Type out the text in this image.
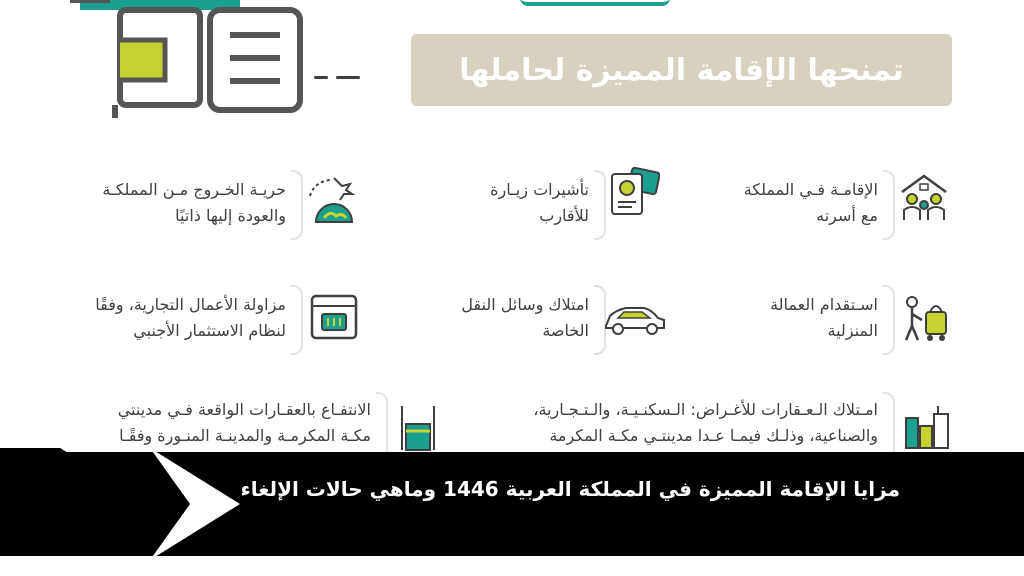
تمنحها الإقامة المميزة لحاملها
الإقامـة فـي المملكة
مع أسرته
تأشيرات زيـارة
للأقارب
حريـة الخـروج مـن المملكـة
والعودة إليها ذاتيًا
اسـتقدام العمالة
المنزلية
امتلاك وسائل النقل
الخاصة
مزاولة الأعمال التجارية، وفقًا
لنظام الاستثمار الأجنبي
امـتلاك الـعـقارات للأغـراض: الـسكنـيـة، والـتـجـارية،
والصناعية، وذلـك فيمـا عـدا مدينتـي مكـة المكرمة
الانتفـاع بالعقـارات الواقعة فـي مدينتي
مكـة المكرمـة والمدينـة المنـورة وفقًـا
مزايا الإقامة المميزة في المملكة العربية 1446 وماهي حالات الإلغاء
